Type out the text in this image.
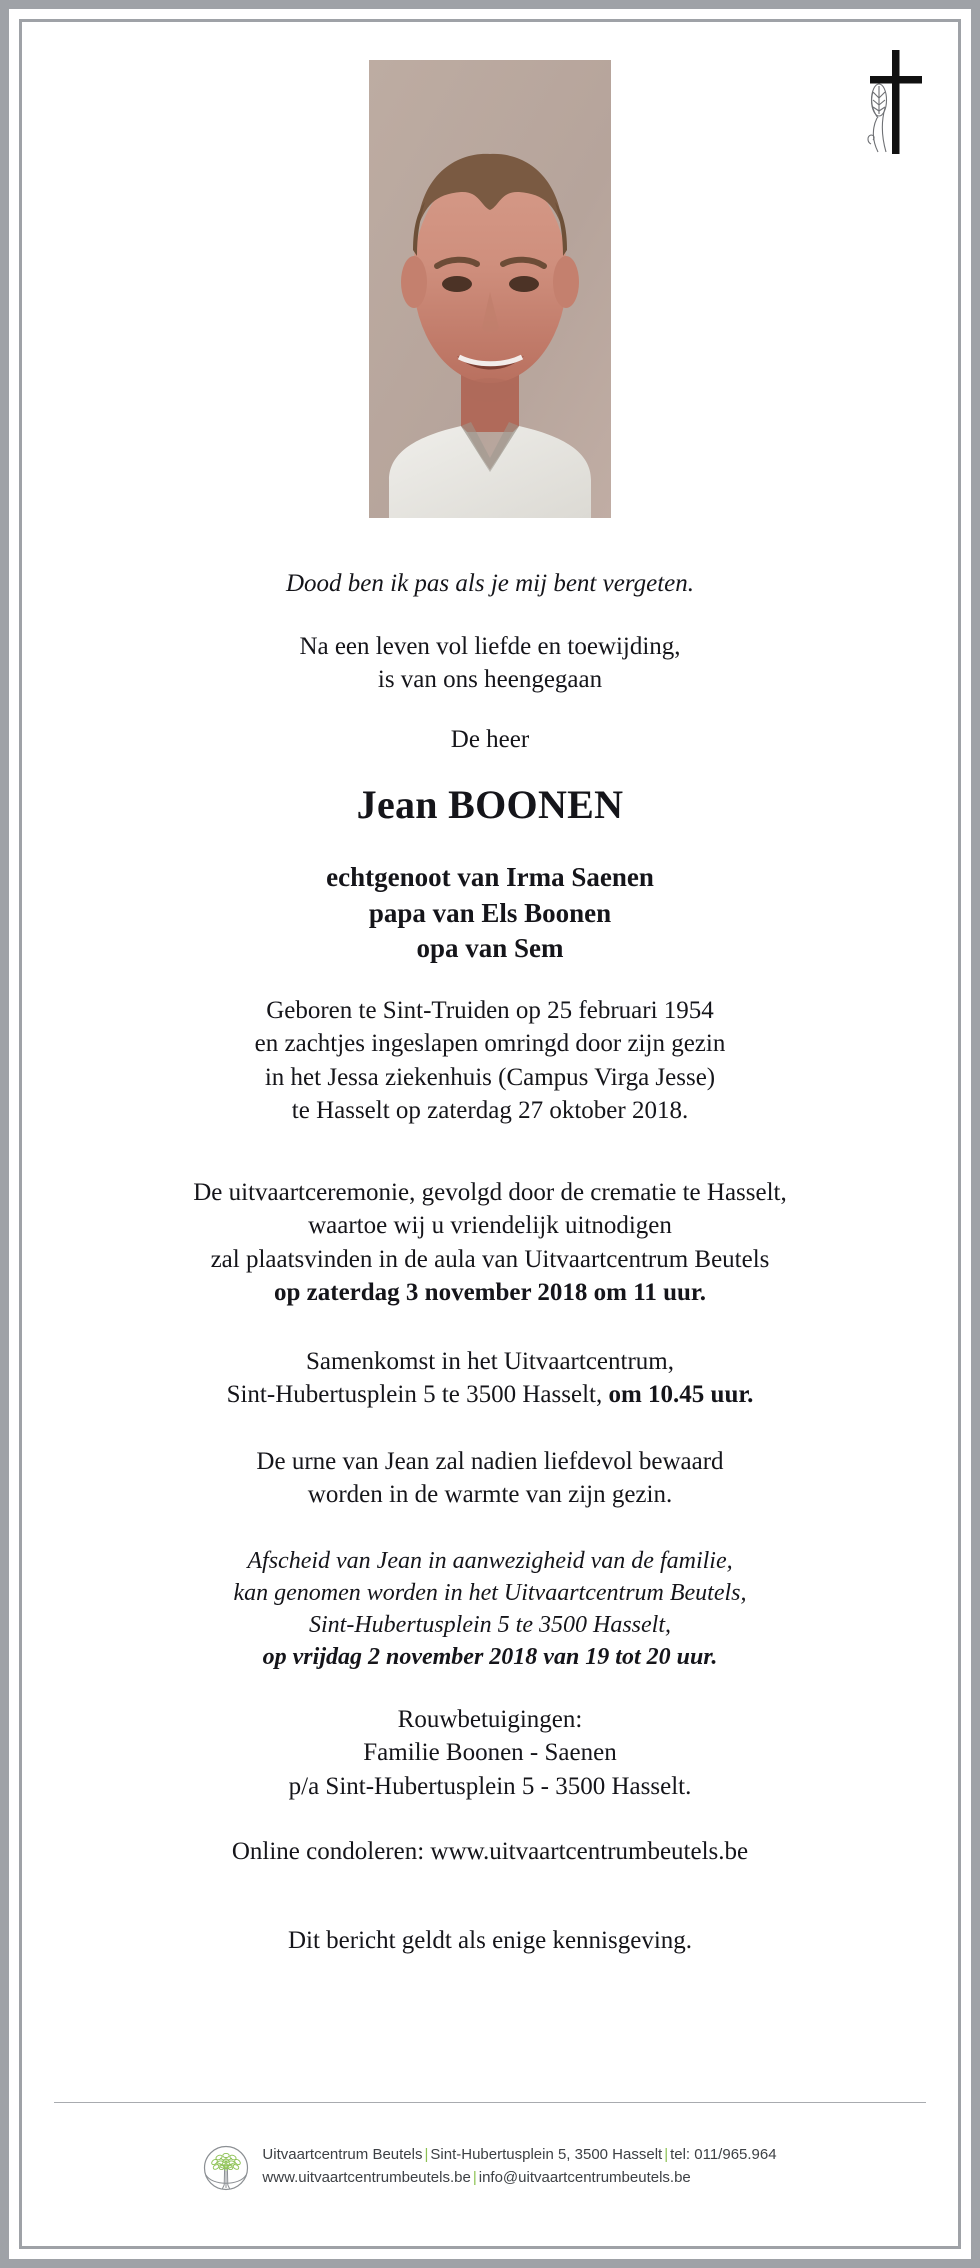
Dood ben ik pas als je mij bent vergeten.

Na een leven vol liefde en toewijding,
is van ons heengegaan

De heer

Jean BOONEN

echtgenoot van Irma Saenen
papa van Els Boonen
opa van Sem

Geboren te Sint-Truiden op 25 februari 1954
en zachtjes ingeslapen omringd door zijn gezin
in het Jessa ziekenhuis (Campus Virga Jesse)
te Hasselt op zaterdag 27 oktober 2018.

De uitvaartceremonie, gevolgd door de crematie te Hasselt,
waartoe wij u vriendelijk uitnodigen
zal plaatsvinden in de aula van Uitvaartcentrum Beutels
op zaterdag 3 november 2018 om 11 uur.

Samenkomst in het Uitvaartcentrum,
Sint-Hubertusplein 5 te 3500 Hasselt, om 10.45 uur.

De urne van Jean zal nadien liefdevol bewaard
worden in de warmte van zijn gezin.

Afscheid van Jean in aanwezigheid van de familie,
kan genomen worden in het Uitvaartcentrum Beutels,
Sint-Hubertusplein 5 te 3500 Hasselt,
op vrijdag 2 november 2018 van 19 tot 20 uur.

Rouwbetuigingen:
Familie Boonen - Saenen
p/a Sint-Hubertusplein 5 - 3500 Hasselt.

Online condoleren: www.uitvaartcentrumbeutels.be

Dit bericht geldt als enige kennisgeving.

Uitvaartcentrum Beutels | Sint-Hubertusplein 5, 3500 Hasselt | tel: 011/965.964
www.uitvaartcentrumbeutels.be | info@uitvaartcentrumbeutels.be
